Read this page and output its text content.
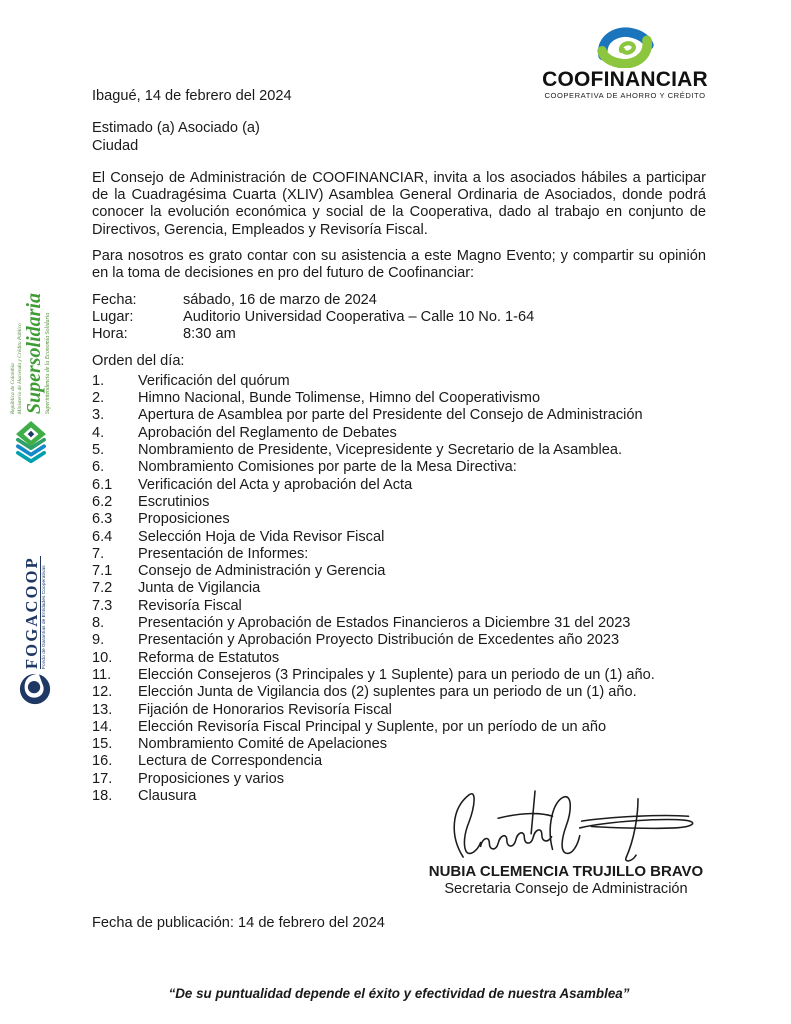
COOFINANCIAR
COOPERATIVA DE AHORRO Y CRÉDITO
República de Colombia Ministerio de Hacienda y Crédito Público Supersolidaria Superintendencia de la Economía Solidaria
FOGACOOP Fondo de Garantías de Entidades Cooperativas
Ibagué, 14 de febrero del 2024
Estimado (a) Asociado (a)
Ciudad

El Consejo de Administración de COOFINANCIAR, invita a los asociados hábiles a participar de la Cuadragésima Cuarta (XLIV) Asamblea General Ordinaria de Asociados, donde podrá conocer la evolución económica y social de la Cooperativa, dado al trabajo en conjunto de Directivos, Gerencia, Empleados y Revisoría Fiscal.

Para nosotros es grato contar con su asistencia a este Magno Evento; y compartir su opinión en la toma de decisiones en pro del futuro de Coofinanciar:

Fecha:	sábado, 16 de marzo de 2024
Lugar:	Auditorio Universidad Cooperativa – Calle 10 No. 1-64
Hora:	8:30 am
Orden del día:
1.	Verificación del quórum
2.	Himno Nacional, Bunde Tolimense, Himno del Cooperativismo
3.	Apertura de Asamblea por parte del Presidente del Consejo de Administración
4.	Aprobación del Reglamento de Debates
5.	Nombramiento de Presidente, Vicepresidente y Secretario de la Asamblea.
6.	Nombramiento Comisiones por parte de la Mesa Directiva:
6.1	Verificación del Acta y aprobación del Acta
6.2	Escrutinios
6.3	Proposiciones
6.4	Selección Hoja de Vida Revisor Fiscal
7.	Presentación de Informes:
7.1	Consejo de Administración y Gerencia
7.2	Junta de Vigilancia
7.3	Revisoría Fiscal
8.	Presentación y Aprobación de Estados Financieros a Diciembre 31 del 2023
9.	Presentación y Aprobación Proyecto Distribución de Excedentes año 2023
10.	Reforma de Estatutos
11.	Elección Consejeros (3 Principales y 1 Suplente) para un periodo de un (1) año.
12.	Elección Junta de Vigilancia dos (2) suplentes para un periodo de un (1) año.
13.	Fijación de Honorarios Revisoría Fiscal
14.	Elección Revisoría Fiscal Principal y Suplente, por un período de un año
15.	Nombramiento Comité de Apelaciones
16.	Lectura de Correspondencia
17.	Proposiciones y varios
18.	Clausura
NUBIA CLEMENCIA TRUJILLO BRAVO
Secretaria Consejo de Administración
Fecha de publicación: 14 de febrero del 2024
“De su puntualidad depende el éxito y efectividad de nuestra Asamblea”
